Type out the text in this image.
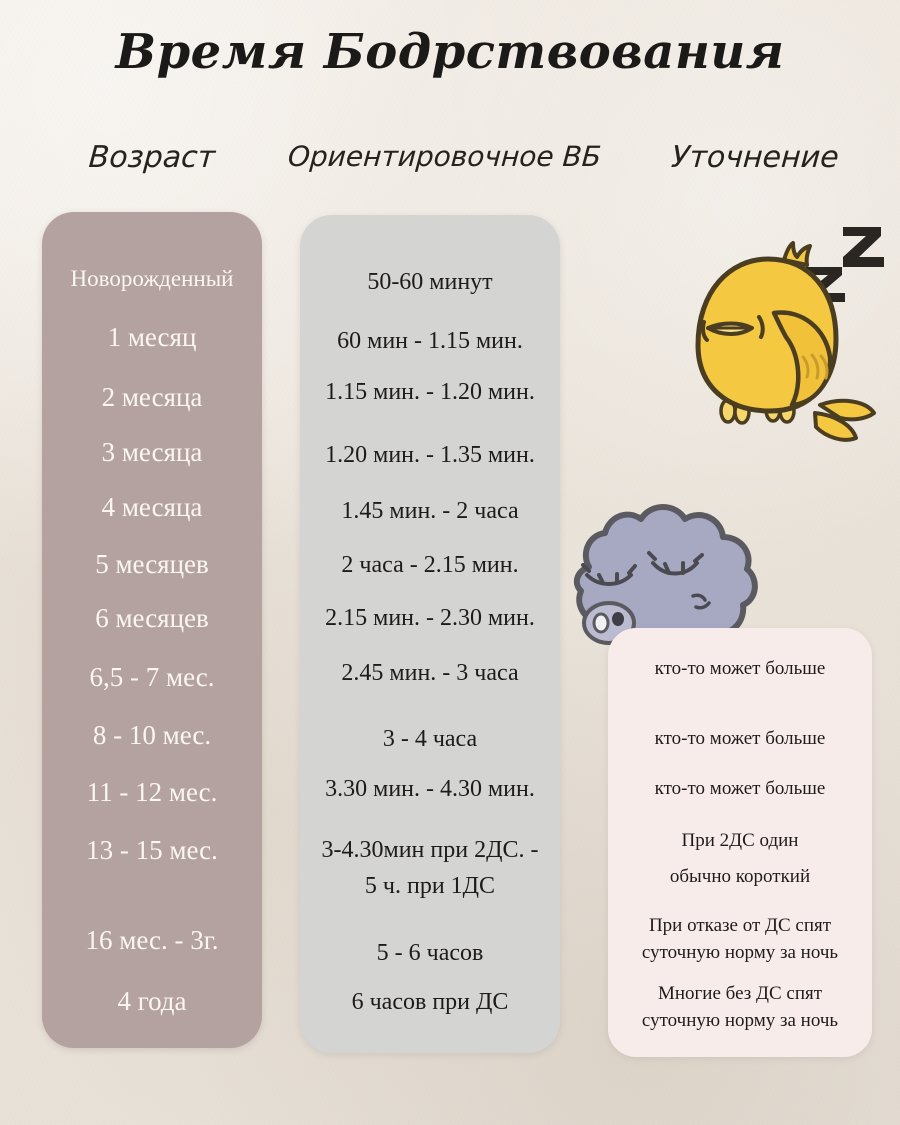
Время Бодрствования
Возраст	Ориентировочное ВБ	Уточнение
Новорожденный
1 месяц
2 месяца
3 месяца
4 месяца
5 месяцев
6 месяцев
6,5 - 7 мес.
8 - 10 мес.
11 - 12 мес.
13 - 15 мес.
16 мес. - 3г.
4 года
50-60 минут
60 мин - 1.15 мин.
1.15 мин. - 1.20 мин.
1.20 мин. - 1.35 мин.
1.45 мин. - 2 часа
2 часа - 2.15 мин.
2.15 мин. - 2.30 мин.
2.45 мин. - 3 часа
3 - 4 часа
3.30 мин. - 4.30 мин.
3-4.30мин при 2ДС. -
5 ч. при 1ДС
5 - 6 часов
6 часов при ДС
кто-то может больше
кто-то может больше
кто-то может больше
При 2ДС один
обычно короткий
При отказе от ДС спят
суточную норму за ночь
Многие без ДС спят
суточную норму за ночь
